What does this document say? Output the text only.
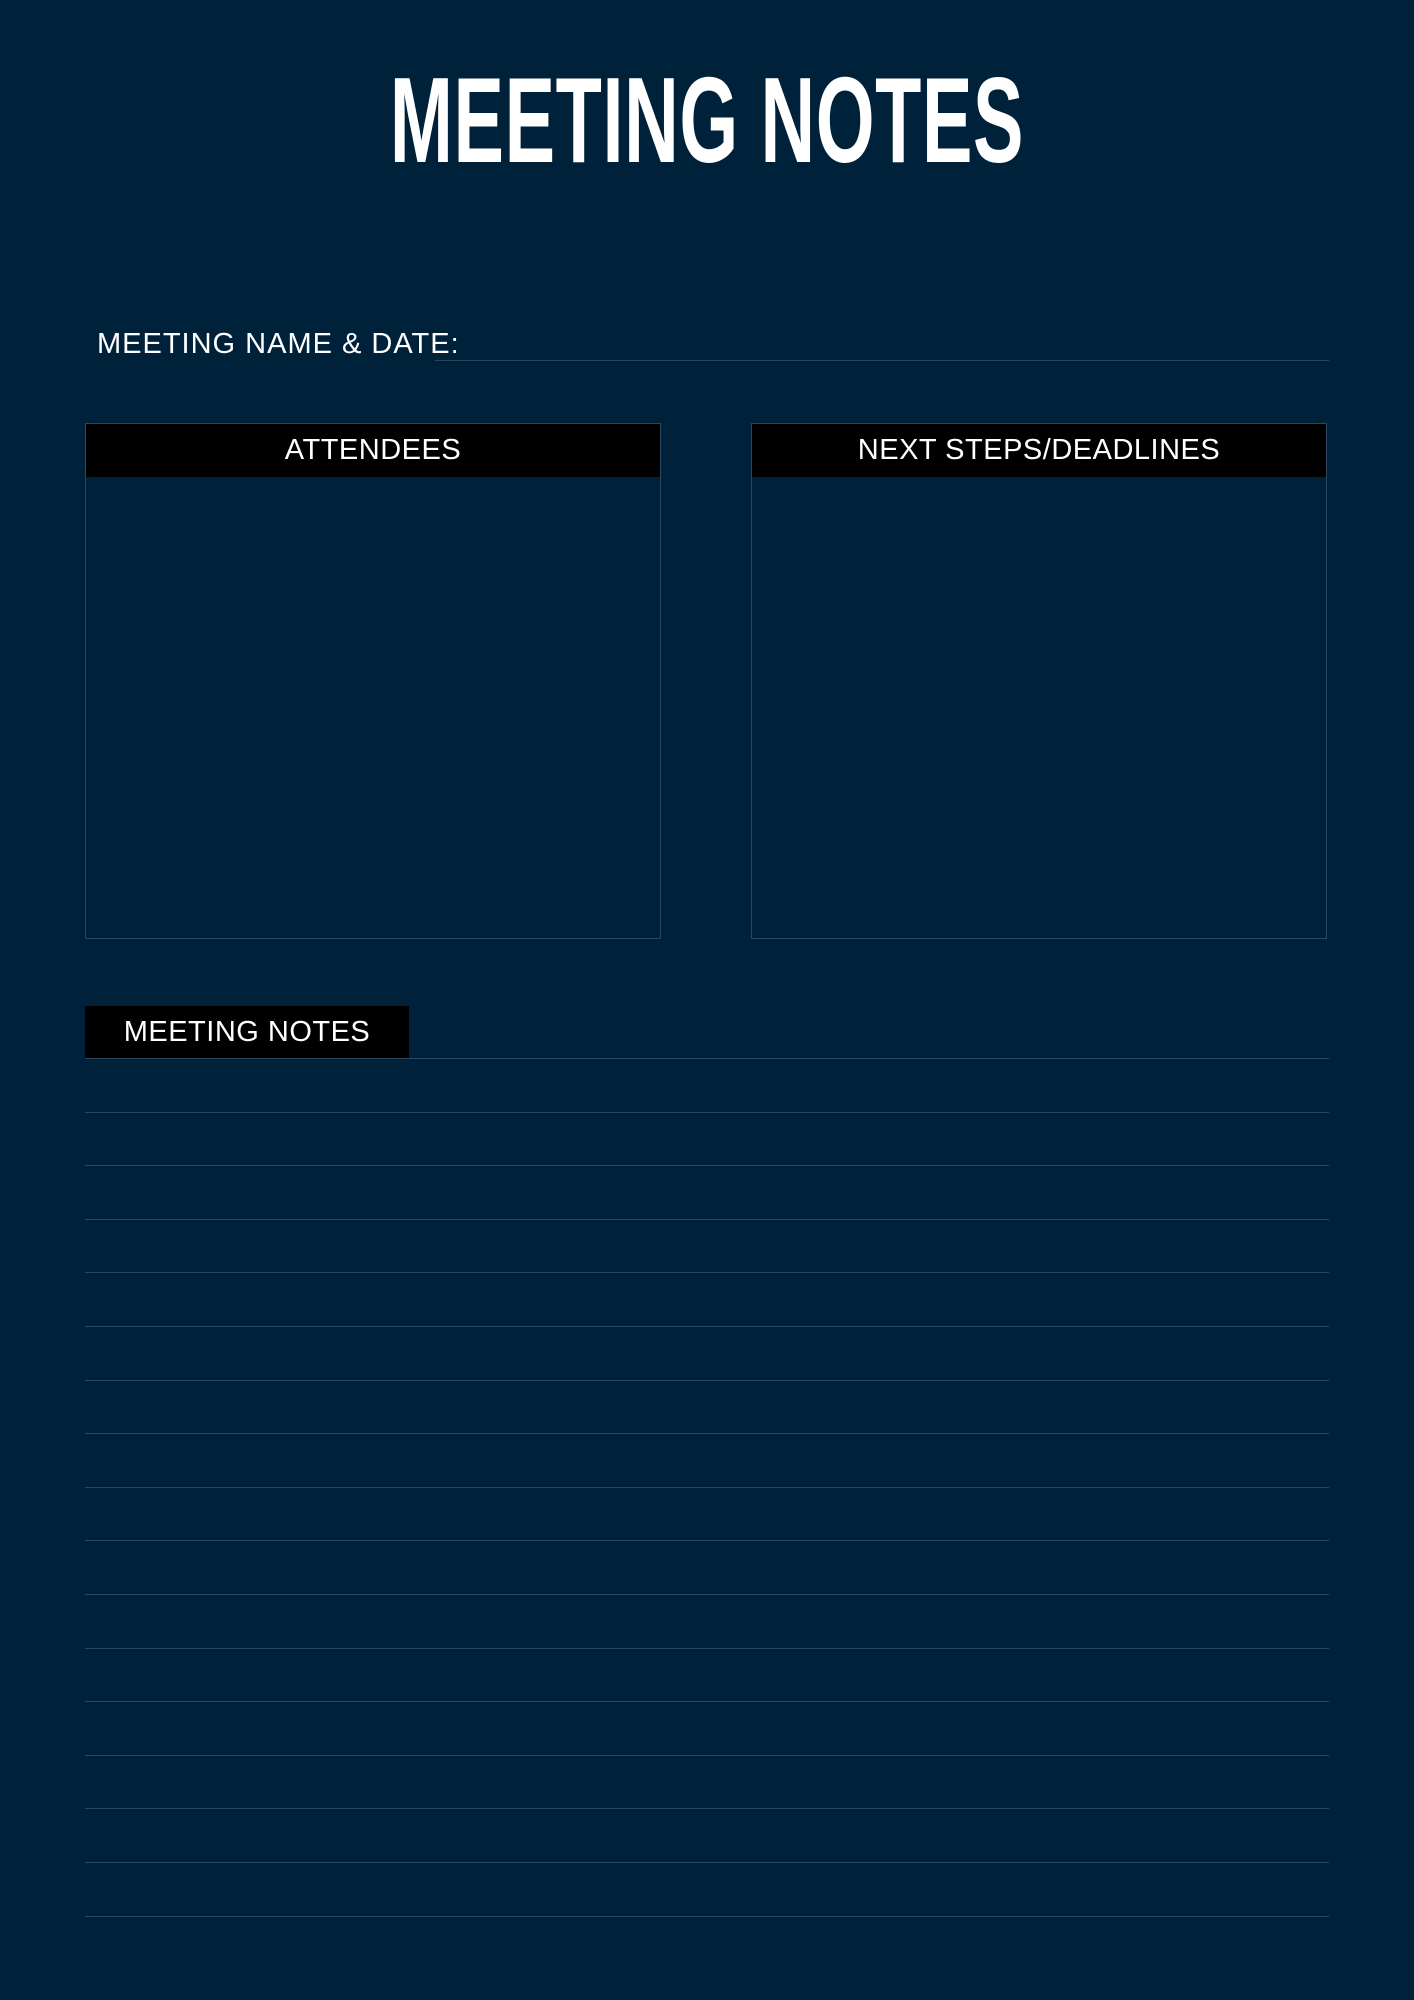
MEETING NOTES
MEETING NAME & DATE:
ATTENDEES	NEXT STEPS/DEADLINES
MEETING NOTES
